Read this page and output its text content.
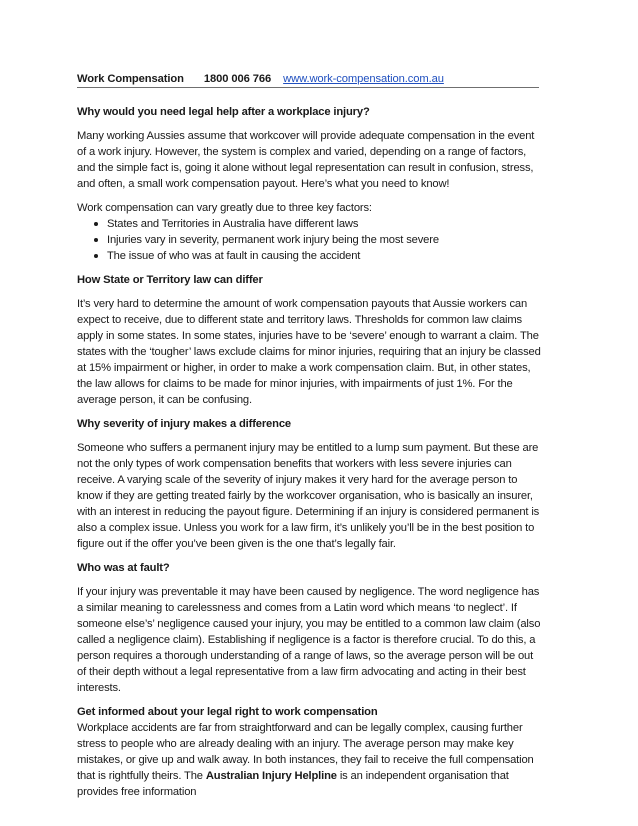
Work Compensation 1800 006 766 www.work-compensation.com.au
Why would you need legal help after a workplace injury?

Many working Aussies assume that workcover will provide adequate compensation in the event of a work injury. However, the system is complex and varied, depending on a range of factors, and the simple fact is, going it alone without legal representation can result in confusion, stress, and often, a small work compensation payout. Here’s what you need to know!

Work compensation can vary greatly due to three key factors:

States and Territories in Australia have different laws
Injuries vary in severity, permanent work injury being the most severe
The issue of who was at fault in causing the accident
How State or Territory law can differ

It’s very hard to determine the amount of work compensation payouts that Aussie workers can expect to receive, due to different state and territory laws. Thresholds for common law claims apply in some states. In some states, injuries have to be ‘severe’ enough to warrant a claim. The states with the ‘tougher’ laws exclude claims for minor injuries, requiring that an injury be classed at 15% impairment or higher, in order to make a work compensation claim. But, in other states, the law allows for claims to be made for minor injuries, with impairments of just 1%. For the average person, it can be confusing.

Why severity of injury makes a difference

Someone who suffers a permanent injury may be entitled to a lump sum payment. But these are not the only types of work compensation benefits that workers with less severe injuries can receive. A varying scale of the severity of injury makes it very hard for the average person to know if they are getting treated fairly by the workcover organisation, who is basically an insurer, with an interest in reducing the payout figure. Determining if an injury is considered permanent is also a complex issue. Unless you work for a law firm, it’s unlikely you’ll be in the best position to figure out if the offer you’ve been given is the one that’s legally fair.

Who was at fault?

If your injury was preventable it may have been caused by negligence. The word negligence has a similar meaning to carelessness and comes from a Latin word which means ‘to neglect’. If someone else’s’ negligence caused your injury, you may be entitled to a common law claim (also called a negligence claim). Establishing if negligence is a factor is therefore crucial. To do this, a person requires a thorough understanding of a range of laws, so the average person will be out of their depth without a legal representative from a law firm advocating and acting in their best interests.

Get informed about your legal right to work compensation

Workplace accidents are far from straightforward and can be legally complex, causing further stress to people who are already dealing with an injury. The average person may make key mistakes, or give up and walk away. In both instances, they fail to receive the full compensation that is rightfully theirs. The Australian Injury Helpline is an independent organisation that provides free information
